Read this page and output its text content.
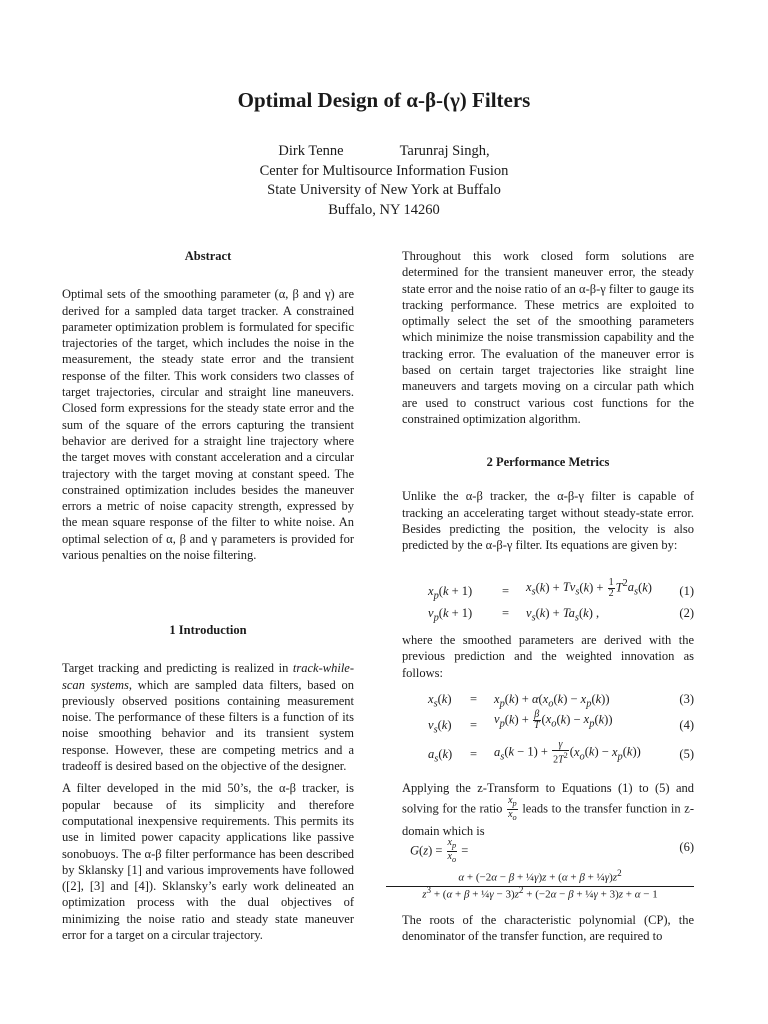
Optimal Design of α-β-(γ) Filters
Dirk Tenne	Tarunraj Singh,
Center for Multisource Information Fusion
State University of New York at Buffalo
Buffalo, NY 14260
Abstract

Optimal sets of the smoothing parameter (α, β and γ) are derived for a sampled data target tracker. A constrained parameter optimization problem is formulated for specific trajectories of the target, which includes the noise in the measurement, the steady state error and the transient response of the filter. This work considers two classes of target trajectories, circular and straight line maneuvers. Closed form expressions for the steady state error and the sum of the square of the errors capturing the transient behavior are derived for a straight line trajectory where the target moves with constant acceleration and a circular trajectory with the target moving at constant speed. The constrained optimization includes besides the maneuver errors a metric of noise capacity strength, expressed by the mean square response of the filter to white noise. An optimal selection of α, β and γ parameters is provided for various penalties on the noise filtering.

1 Introduction

Target tracking and predicting is realized in track-while-scan systems, which are sampled data filters, based on previously observed positions containing measurement noise. The performance of these filters is a function of its noise smoothing behavior and its transient system response. However, these are competing metrics and a tradeoff is desired based on the objective of the designer.

A filter developed in the mid 50’s, the α-β tracker, is popular because of its simplicity and therefore computational inexpensive requirements. This permits its use in limited power capacity applications like passive sonobuoys. The α-β filter performance has been described by Sklansky [1] and various improvements have followed ([2], [3] and [4]). Sklansky’s early work delineated an optimization process with the dual objectives of minimizing the noise ratio and steady state maneuver error for a target on a circular trajectory.

Throughout this work closed form solutions are determined for the transient maneuver error, the steady state error and the noise ratio of an α-β-γ filter to gauge its tracking performance. These metrics are exploited to optimally select the set of the smoothing parameters which minimize the noise transmission capability and the tracking error. The evaluation of the maneuver error is based on certain target trajectories like straight line maneuvers and targets moving on a circular path which are used to construct various cost functions for the constrained optimization algorithm.

2 Performance Metrics

Unlike the α-β tracker, the α-β-γ filter is capable of tracking an accelerating target without steady-state error. Besides predicting the position, the velocity is also predicted by the α-β-γ filter. Its equations are given by:

$x_p(k + 1) = x_s(k) + Tv_s(k) + \frac{1}{2} T^2a_s(k)$ (1)
$v_p(k + 1) = v_s(k) + Ta_s(k)$ ,	(2)

where the smoothed parameters are derived with the previous prediction and the weighted innovation as follows:

$x_s(k) = x_p(k) + \alpha(x_o(k) - x_p(k))$	(3)
$v_s(k) = v_p(k) + \frac{\beta}{T} (x_o(k) - x_p(k))$	(4)
$a_s(k) = a_s(k - 1) + \frac{\gamma}{2T^2} (x_o(k) - x_p(k))$	(5)

Applying the z-Transform to Equations (1) to (5) and solving for the ratio $\frac{x_p}{x_o}$ leads to the transfer function in z-domain which is

$G(z) = \frac{x_p}{x_o}$ =	(6)
α + (−2α − β + ¼γ)z + $(\alpha + \beta + \frac{1}{4}\gamma)z^2$
$z^3 + (\alpha + \beta$ + ¼γ − $3)z^2 + (-2\alpha - \beta$ + ¼γ + 3)z + α − 1

The roots of the characteristic polynomial (CP), the denominator of the transfer function, are required to
